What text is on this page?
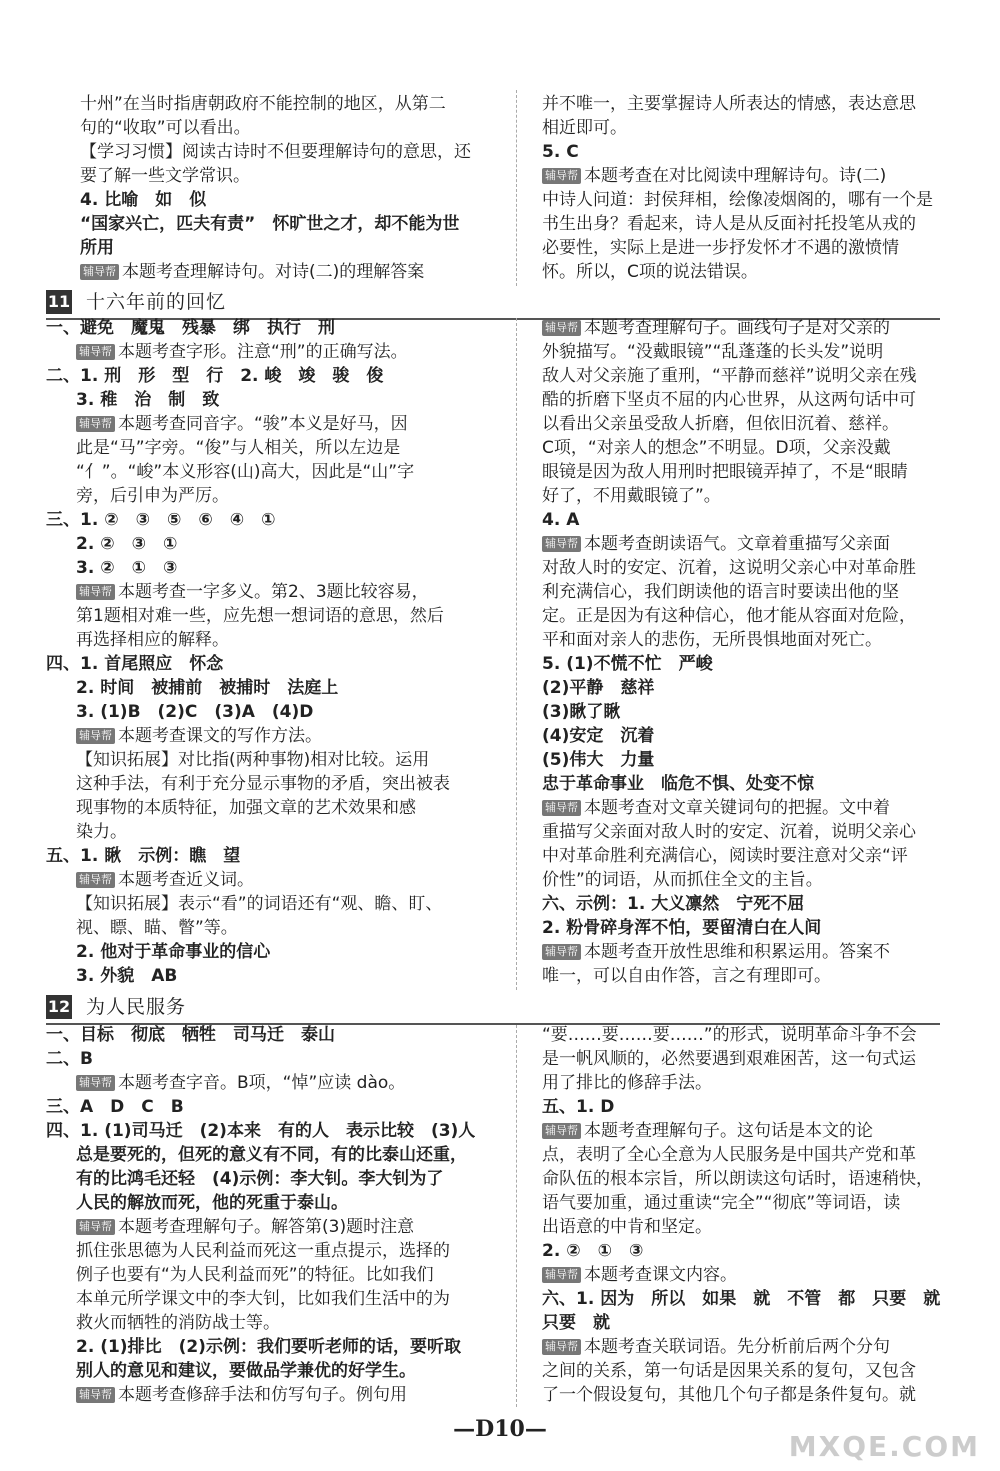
十州”在当时指唐朝政府不能控制的地区，从第二
句的“收取”可以看出。
【学习习惯】阅读古诗时不但要理解诗句的意思，还
要了解一些文学常识。
4. 比喻　如　似
“国家兴亡，匹夫有责”　怀旷世之才，却不能为世
所用
辅导帮 本题考查理解诗句。对诗(二)的理解答案
并不唯一，主要掌握诗人所表达的情感，表达意思
相近即可。
5. C
辅导帮 本题考查在对比阅读中理解诗句。诗(二)
中诗人问道：封侯拜相，绘像凌烟阁的，哪有一个是
书生出身？看起来，诗人是从反面衬托投笔从戎的
必要性，实际上是进一步抒发怀才不遇的激愤情
怀。所以，C项的说法错误。
11 十六年前的回忆
一、避免　魔鬼　残暴　绑　执行　刑
辅导帮 本题考查字形。注意“刑”的正确写法。
二、1. 刑　形　型　行　2. 峻　竣　骏　俊
3. 稚　治　制　致
辅导帮 本题考查同音字。“骏”本义是好马，因
此是“马”字旁。“俊”与人相关，所以左边是
“亻”。“峻”本义形容(山)高大，因此是“山”字
旁，后引申为严厉。
三、1. ②　③　⑤　⑥　④　①
2. ②　③　①
3. ②　①　③
辅导帮 本题考查一字多义。第2、3题比较容易，
第1题相对难一些，应先想一想词语的意思，然后
再选择相应的解释。
四、1. 首尾照应　怀念
2. 时间　被捕前　被捕时　法庭上
3. (1)B　(2)C　(3)A　(4)D
辅导帮 本题考查课文的写作方法。
【知识拓展】对比指(两种事物)相对比较。运用
这种手法，有利于充分显示事物的矛盾，突出被表
现事物的本质特征，加强文章的艺术效果和感
染力。
五、1. 瞅　示例：瞧　望
辅导帮 本题考查近义词。
【知识拓展】表示“看”的词语还有“观、瞻、盯、
视、瞟、瞄、瞥”等。
2. 他对于革命事业的信心
3. 外貌　AB
辅导帮 本题考查理解句子。画线句子是对父亲的
外貌描写。“没戴眼镜”“乱蓬蓬的长头发”说明
敌人对父亲施了重刑，“平静而慈祥”说明父亲在残
酷的折磨下坚贞不屈的内心世界，从这两句话中可
以看出父亲虽受敌人折磨，但依旧沉着、慈祥。
C项，“对亲人的想念”不明显。D项，父亲没戴
眼镜是因为敌人用刑时把眼镜弄掉了，不是“眼睛
好了，不用戴眼镜了”。
4. A
辅导帮 本题考查朗读语气。文章着重描写父亲面
对敌人时的安定、沉着，这说明父亲心中对革命胜
利充满信心，我们朗读他的语言时要读出他的坚
定。正是因为有这种信心，他才能从容面对危险，
平和面对亲人的悲伤，无所畏惧地面对死亡。
5. (1)不慌不忙　严峻
(2)平静　慈祥
(3)瞅了瞅
(4)安定　沉着
(5)伟大　力量
忠于革命事业　临危不惧、处变不惊
辅导帮 本题考查对文章关键词句的把握。文中着
重描写父亲面对敌人时的安定、沉着，说明父亲心
中对革命胜利充满信心，阅读时要注意对父亲“评
价性”的词语，从而抓住全文的主旨。
六、示例：1. 大义凛然　宁死不屈
2. 粉骨碎身浑不怕，要留清白在人间
辅导帮 本题考查开放性思维和积累运用。答案不
唯一，可以自由作答，言之有理即可。
12 为人民服务
一、目标　彻底　牺牲　司马迁　泰山
二、B
辅导帮 本题考查字音。B项，“悼”应读 dào。
三、A　D　C　B
四、1. (1)司马迁　(2)本来　有的人　表示比较　(3)人
总是要死的，但死的意义有不同，有的比泰山还重，
有的比鸿毛还轻　(4)示例：李大钊。李大钊为了
人民的解放而死，他的死重于泰山。
辅导帮 本题考查理解句子。解答第(3)题时注意
抓住张思德为人民利益而死这一重点提示，选择的
例子也要有“为人民利益而死”的特征。比如我们
本单元所学课文中的李大钊，比如我们生活中的为
救火而牺牲的消防战士等。
2. (1)排比　(2)示例：我们要听老师的话，要听取
别人的意见和建议，要做品学兼优的好学生。
辅导帮 本题考查修辞手法和仿写句子。例句用
“要……要……要……”的形式，说明革命斗争不会
是一帆风顺的，必然要遇到艰难困苦，这一句式运
用了排比的修辞手法。
五、1. D
辅导帮 本题考查理解句子。这句话是本文的论
点，表明了全心全意为人民服务是中国共产党和革
命队伍的根本宗旨，所以朗读这句话时，语速稍快，
语气要加重，通过重读“完全”“彻底”等词语，读
出语意的中肯和坚定。
2. ②　①　③
辅导帮 本题考查课文内容。
六、1. 因为　所以　如果　就　不管　都　只要　就
只要　就
辅导帮 本题考查关联词语。先分析前后两个分句
之间的关系，第一句话是因果关系的复句，又包含
了一个假设复句，其他几个句子都是条件复句。就
—D10—
MXQE.COM
